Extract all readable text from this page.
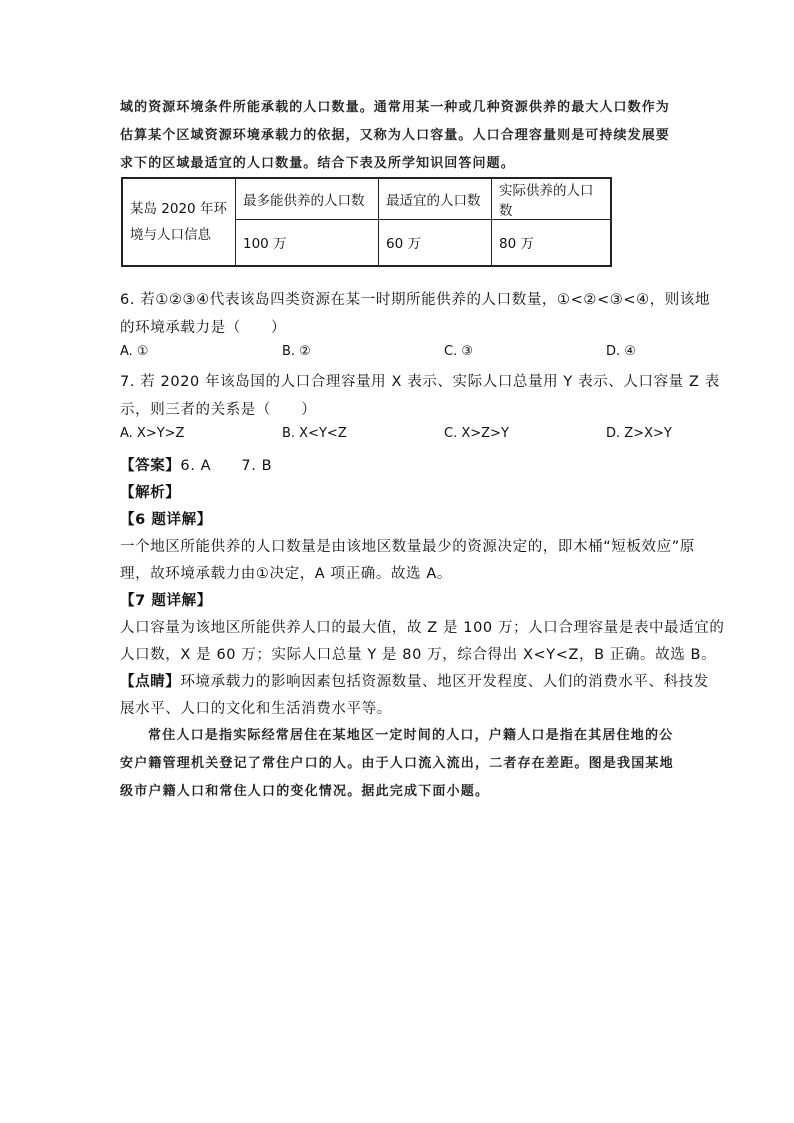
域的资源环境条件所能承载的人口数量。通常用某一种或几种资源供养的最大人口数作为
估算某个区域资源环境承载力的依据，又称为人口容量。人口合理容量则是可持续发展要
求下的区域最适宜的人口数量。结合下表及所学知识回答问题。
某岛 2020 年环境与人口信息	最多能供养的人口数	最适宜的人口数	实际供养的人口数
	100 万	60 万	80 万
6. 若①②③④代表该岛四类资源在某一时期所能供养的人口数量，①<②<③<④，则该地
的环境承载力是（　　）
A. ①	B. ②	C. ③	D. ④
7. 若 2020 年该岛国的人口合理容量用 X 表示、实际人口总量用 Y 表示、人口容量 Z 表
示，则三者的关系是（　　）
A. X>Y>Z	B. X<Y<Z	C. X>Z>Y	D. Z>X>Y
【答案】6. A　　7. B
【解析】
【6 题详解】
一个地区所能供养的人口数量是由该地区数量最少的资源决定的，即木桶“短板效应”原
理，故环境承载力由①决定，A 项正确。故选 A。
【7 题详解】
人口容量为该地区所能供养人口的最大值，故 Z 是 100 万；人口合理容量是表中最适宜的
人口数，X 是 60 万；实际人口总量 Y 是 80 万，综合得出 X<Y<Z，B 正确。故选 B。
【点睛】环境承载力的影响因素包括资源数量、地区开发程度、人们的消费水平、科技发
展水平、人口的文化和生活消费水平等。
常住人口是指实际经常居住在某地区一定时间的人口，户籍人口是指在其居住地的公
安户籍管理机关登记了常住户口的人。由于人口流入流出，二者存在差距。图是我国某地
级市户籍人口和常住人口的变化情况。据此完成下面小题。
